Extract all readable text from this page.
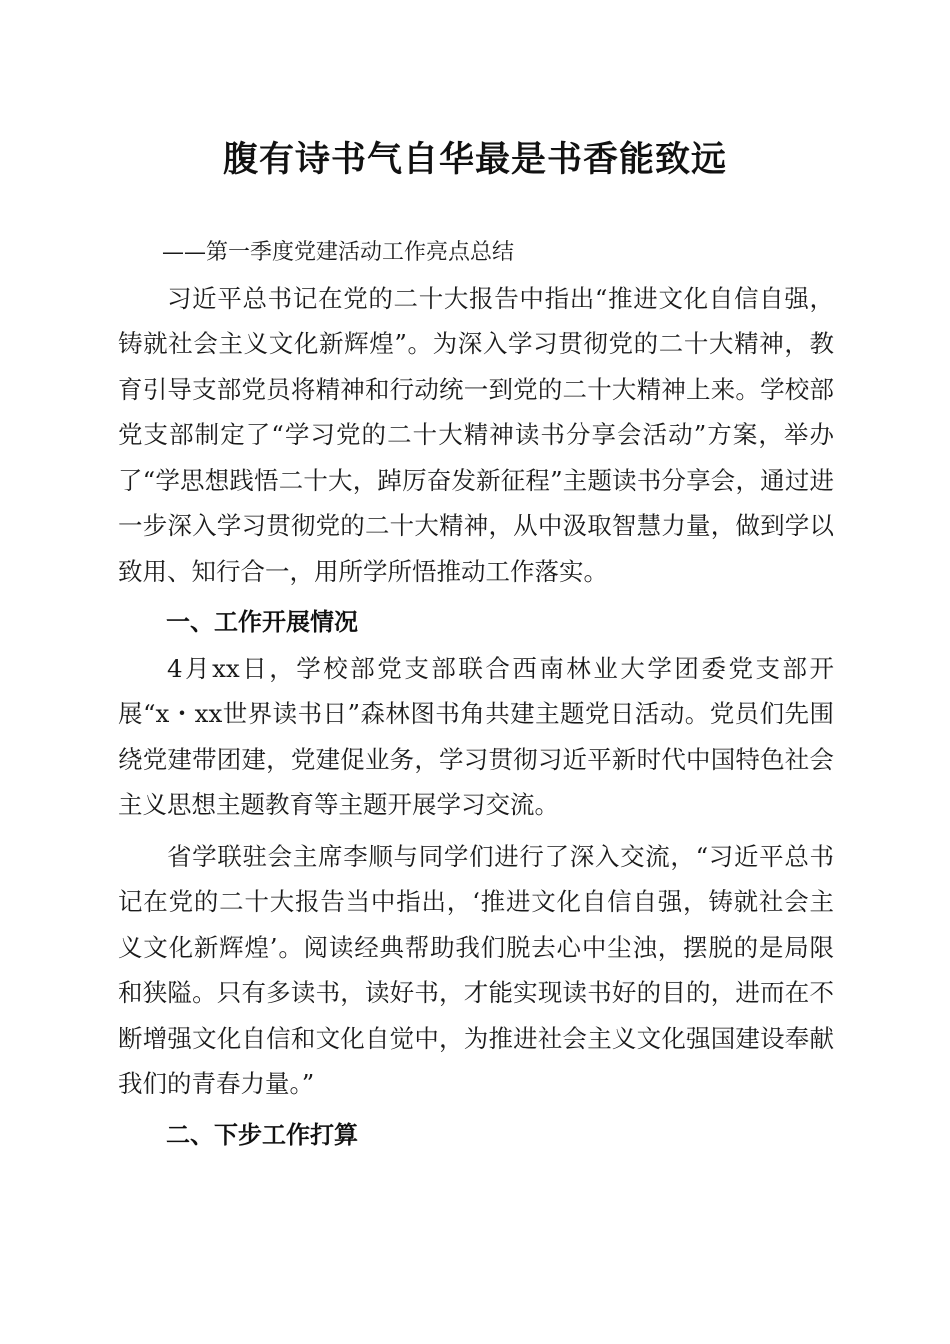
腹有诗书气自华最是书香能致远

——第一季度党建活动工作亮点总结

习近平总书记在党的二十大报告中指出“推进文化自信自强，铸就社会主义文化新辉煌”。为深入学习贯彻党的二十大精神，教育引导支部党员将精神和行动统一到党的二十大精神上来。学校部党支部制定了“学习党的二十大精神读书分享会活动”方案，举办了“学思想践悟二十大，踔厉奋发新征程”主题读书分享会，通过进一步深入学习贯彻党的二十大精神，从中汲取智慧力量，做到学以致用、知行合一，用所学所悟推动工作落实。

一、工作开展情况

4月xx日，学校部党支部联合西南林业大学团委党支部开展“x・xx世界读书日”森林图书角共建主题党日活动。党员们先围绕党建带团建，党建促业务，学习贯彻习近平新时代中国特色社会主义思想主题教育等主题开展学习交流。

省学联驻会主席李顺与同学们进行了深入交流，“习近平总书记在党的二十大报告当中指出，‘推进文化自信自强，铸就社会主义文化新辉煌’。阅读经典帮助我们脱去心中尘浊，摆脱的是局限和狭隘。只有多读书，读好书，才能实现读书好的目的，进而在不断增强文化自信和文化自觉中，为推进社会主义文化强国建设奉献我们的青春力量。”

二、下步工作打算
